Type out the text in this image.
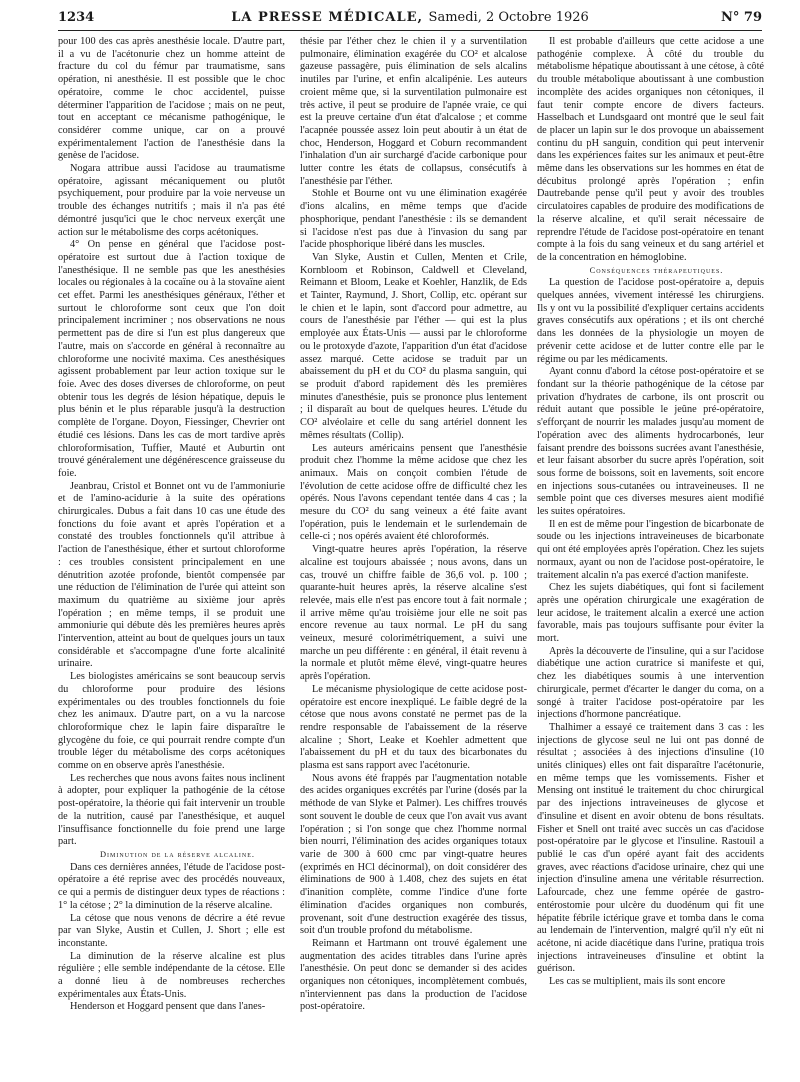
1234	LA PRESSE MÉDICALE, Samedi, 2 Octobre 1926	N° 79

pour 100 des cas après anesthésie locale. D'autre part, il a vu de l'acétonurie chez un homme atteint de fracture du col du fémur par traumatisme, sans opération, ni anesthésie. Il est possible que le choc opératoire, comme le choc accidentel, puisse déterminer l'apparition de l'acidose ; mais on ne peut, tout en acceptant ce mécanisme pathogénique, le considérer comme unique, car on a prouvé expérimentalement l'action de l'anesthésie dans la genèse de l'acidose.

Nogara attribue aussi l'acidose au traumatisme opératoire, agissant mécaniquement ou plutôt psychiquement, pour produire par la voie nerveuse un trouble des échanges nutritifs ; mais il n'a pas été démontré jusqu'ici que le choc nerveux exerçât une action sur le métabolisme des corps acétoniques.

4° On pense en général que l'acidose post-opératoire est surtout due à l'action toxique de l'anesthésique. Il ne semble pas que les anesthésies locales ou régionales à la cocaïne ou à la stovaïne aient cet effet. Parmi les anesthésiques généraux, l'éther et surtout le chloroforme sont ceux que l'on doit principalement incriminer ; nos observations ne nous permettent pas de dire si l'un est plus dangereux que l'autre, mais on s'accorde en général à reconnaître au chloroforme une nocivité maxima. Ces anesthésiques agissent probablement par leur action toxique sur le foie. Avec des doses diverses de chloroforme, on peut obtenir tous les degrés de lésion hépatique, depuis le plus bénin et le plus réparable jusqu'à la destruction complète de l'organe. Doyon, Fiessinger, Chevrier ont étudié ces lésions. Dans les cas de mort tardive après chloroformisation, Tuffier, Mauté et Auburtin ont trouvé généralement une dégénérescence graisseuse du foie.

Jeanbrau, Cristol et Bonnet ont vu de l'ammoniurie et de l'amino-acidurie à la suite des opérations chirurgicales. Dubus a fait dans 10 cas une étude des fonctions du foie avant et après l'opération et a constaté des troubles fonctionnels qu'il attribue à l'action de l'anesthésique, éther et surtout chloroforme : ces troubles consistent principalement en une dénutrition azotée profonde, bientôt compensée par une réduction de l'élimination de l'urée qui atteint son maximum du quatrième au sixième jour après l'opération ; en même temps, il se produit une ammoniurie qui débute dès les premières heures après l'intervention, atteint au bout de quelques jours un taux considérable et s'accompagne d'une forte alcalinité urinaire.

Les biologistes américains se sont beaucoup servis du chloroforme pour produire des lésions expérimentales ou des troubles fonctionnels du foie chez les animaux. D'autre part, on a vu la narcose chloroformique chez le lapin faire disparaître le glycogène du foie, ce qui pourrait rendre compte d'un trouble léger du métabolisme des corps acétoniques comme on en observe après l'anesthésie.

Les recherches que nous avons faites nous inclinent à adopter, pour expliquer la pathogénie de la cétose post-opératoire, la théorie qui fait intervenir un trouble de la nutrition, causé par l'anesthésique, et auquel l'insuffisance fonctionnelle du foie prend une large part.

Diminution de la réserve alcaline.

Dans ces dernières années, l'étude de l'acidose post-opératoire a été reprise avec des procédés nouveaux, ce qui a permis de distinguer deux types de réactions : 1° la cétose ; 2° la diminution de la réserve alcaline.

La cétose que nous venons de décrire a été revue par van Slyke, Austin et Cullen, J. Short ; elle est inconstante.

La diminution de la réserve alcaline est plus régulière ; elle semble indépendante de la cétose. Elle a donné lieu à de nombreuses recherches expérimentales aux États-Unis.

Henderson et Hoggard pensent que dans l'anes-

thésie par l'éther chez le chien il y a surventilation pulmonaire, élimination exagérée du CO² et alcalose gazeuse passagère, puis élimination de sels alcalins inutiles par l'urine, et enfin alcalipénie. Les auteurs croient même que, si la surventilation pulmonaire est très active, il peut se produire de l'apnée vraie, ce qui est la preuve certaine d'un état d'alcalose ; et comme l'acapnée poussée assez loin peut aboutir à un état de choc, Henderson, Hoggard et Coburn recommandent l'inhalation d'un air surchargé d'acide carbonique pour lutter contre les états de collapsus, consécutifs à l'anesthésie par l'éther.

Stohle et Bourne ont vu une élimination exagérée d'ions alcalins, en même temps que d'acide phosphorique, pendant l'anesthésie : ils se demandent si l'acidose n'est pas due à l'invasion du sang par l'acide phosphorique libéré dans les muscles.

Van Slyke, Austin et Cullen, Menten et Crile, Kornbloom et Robinson, Caldwell et Cleveland, Reimann et Bloom, Leake et Koehler, Hanzlik, de Eds et Tainter, Raymund, J. Short, Collip, etc. opérant sur le chien et le lapin, sont d'accord pour admettre, au cours de l'anesthésie par l'éther — qui est la plus employée aux États-Unis — aussi par le chloroforme ou le protoxyde d'azote, l'apparition d'un état d'acidose assez marqué. Cette acidose se traduit par un abaissement du pH et du CO² du plasma sanguin, qui se produit d'abord rapidement dès les premières minutes d'anesthésie, puis se prononce plus lentement ; il disparaît au bout de quelques heures. L'étude du CO² alvéolaire et celle du sang artériel donnent les mêmes résultats (Collip).

Les auteurs américains pensent que l'anesthésie produit chez l'homme la même acidose que chez les animaux. Mais on conçoit combien l'étude de l'évolution de cette acidose offre de difficulté chez les opérés. Nous l'avons cependant tentée dans 4 cas ; la mesure du CO² du sang veineux a été faite avant l'opération, puis le lendemain et le surlendemain de celle-ci ; nos opérés avaient été chloroformés.

Vingt-quatre heures après l'opération, la réserve alcaline est toujours abaissée ; nous avons, dans un cas, trouvé un chiffre faible de 36,6 vol. p. 100 ; quarante-huit heures après, la réserve alcaline s'est relevée, mais elle n'est pas encore tout à fait normale ; il arrive même qu'au troisième jour elle ne soit pas encore revenue au taux normal. Le pH du sang veineux, mesuré colorimétriquement, a suivi une marche un peu différente : en général, il était revenu à la normale et plutôt même élevé, vingt-quatre heures après l'opération.

Le mécanisme physiologique de cette acidose post-opératoire est encore inexpliqué. Le faible degré de la cétose que nous avons constaté ne permet pas de la rendre responsable de l'abaissement de la réserve alcaline ; Short, Leake et Koehler admettent que l'abaissement du pH et du taux des bicarbonates du plasma est sans rapport avec l'acétonurie.

Nous avons été frappés par l'augmentation notable des acides organiques excrétés par l'urine (dosés par la méthode de van Slyke et Palmer). Les chiffres trouvés sont souvent le double de ceux que l'on avait vus avant l'opération ; si l'on songe que chez l'homme normal bien nourri, l'élimination des acides organiques totaux varie de 300 à 600 cmc par vingt-quatre heures (exprimés en HCl décinormal), on doit considérer des éliminations de 900 à 1.408, chez des sujets en état d'inanition complète, comme l'indice d'une forte élimination d'acides organiques non comburés, provenant, soit d'une destruction exagérée des tissus, soit d'un trouble profond du métabolisme.

Reimann et Hartmann ont trouvé également une augmentation des acides titrables dans l'urine après l'anesthésie. On peut donc se demander si des acides organiques non cétoniques, incomplètement combués, n'interviennent pas dans la production de l'acidose post-opératoire.

Il est probable d'ailleurs que cette acidose a une pathogénie complexe. À côté du trouble du métabolisme hépatique aboutissant à une cétose, à côté du trouble métabolique aboutissant à une combustion incomplète des acides organiques non cétoniques, il faut tenir compte encore de divers facteurs. Hasselbach et Lundsgaard ont montré que le seul fait de placer un lapin sur le dos provoque un abaissement continu du pH sanguin, condition qui peut intervenir dans les expériences faites sur les animaux et peut-être même dans les observations sur les hommes en état de décubitus prolongé après l'opération ; enfin Dautrebande pense qu'il peut y avoir des troubles circulatoires capables de produire des modifications de la réserve alcaline, et qu'il serait nécessaire de reprendre l'étude de l'acidose post-opératoire en tenant compte à la fois du sang veineux et du sang artériel et de la concentration en hémoglobine.

Conséquences thérapeutiques.

La question de l'acidose post-opératoire a, depuis quelques années, vivement intéressé les chirurgiens. Ils y ont vu la possibilité d'expliquer certains accidents graves consécutifs aux opérations ; et ils ont cherché dans les données de la physiologie un moyen de prévenir cette acidose et de lutter contre elle par le régime ou par les médicaments.

Ayant connu d'abord la cétose post-opératoire et se fondant sur la théorie pathogénique de la cétose par privation d'hydrates de carbone, ils ont proscrit ou réduit autant que possible le jeûne pré-opératoire, s'efforçant de nourrir les malades jusqu'au moment de l'opération avec des aliments hydrocarbonés, leur faisant prendre des boissons sucrées avant l'anesthésie, et leur faisant absorber du sucre après l'opération, soit sous forme de boissons, soit en lavements, soit encore en injections sous-cutanées ou intraveineuses. Il ne semble point que ces diverses mesures aient modifié les suites opératoires.

Il en est de même pour l'ingestion de bicarbonate de soude ou les injections intraveineuses de bicarbonate qui ont été employées après l'opération. Chez les sujets normaux, ayant ou non de l'acidose post-opératoire, le traitement alcalin n'a pas exercé d'action manifeste.

Chez les sujets diabétiques, qui font si facilement après une opération chirurgicale une exagération de leur acidose, le traitement alcalin a exercé une action favorable, mais pas toujours suffisante pour éviter la mort.

Après la découverte de l'insuline, qui a sur l'acidose diabétique une action curatrice si manifeste et qui, chez les diabétiques soumis à une intervention chirurgicale, permet d'écarter le danger du coma, on a songé à traiter l'acidose post-opératoire par les injections d'hormone pancréatique.

Thalhimer a essayé ce traitement dans 3 cas : les injections de glycose seul ne lui ont pas donné de résultat ; associées à des injections d'insuline (10 unités cliniques) elles ont fait disparaître l'acétonurie, en même temps que les vomissements. Fisher et Mensing ont institué le traitement du choc chirurgical par des injections intraveineuses de glycose et d'insuline et disent en avoir obtenu de bons résultats. Fisher et Snell ont traité avec succès un cas d'acidose post-opératoire par le glycose et l'insuline. Rastouil a publié le cas d'un opéré ayant fait des accidents graves, avec réactions d'acidose urinaire, chez qui une injection d'insuline amena une véritable résurrection. Lafourcade, chez une femme opérée de gastro-entérostomie pour ulcère du duodénum qui fit une hépatite fébrile ictérique grave et tomba dans le coma au lendemain de l'intervention, malgré qu'il n'y eût ni acétone, ni acide diacétique dans l'urine, pratiqua trois injections intraveineuses d'insuline et obtint la guérison.

Les cas se multiplient, mais ils sont encore
